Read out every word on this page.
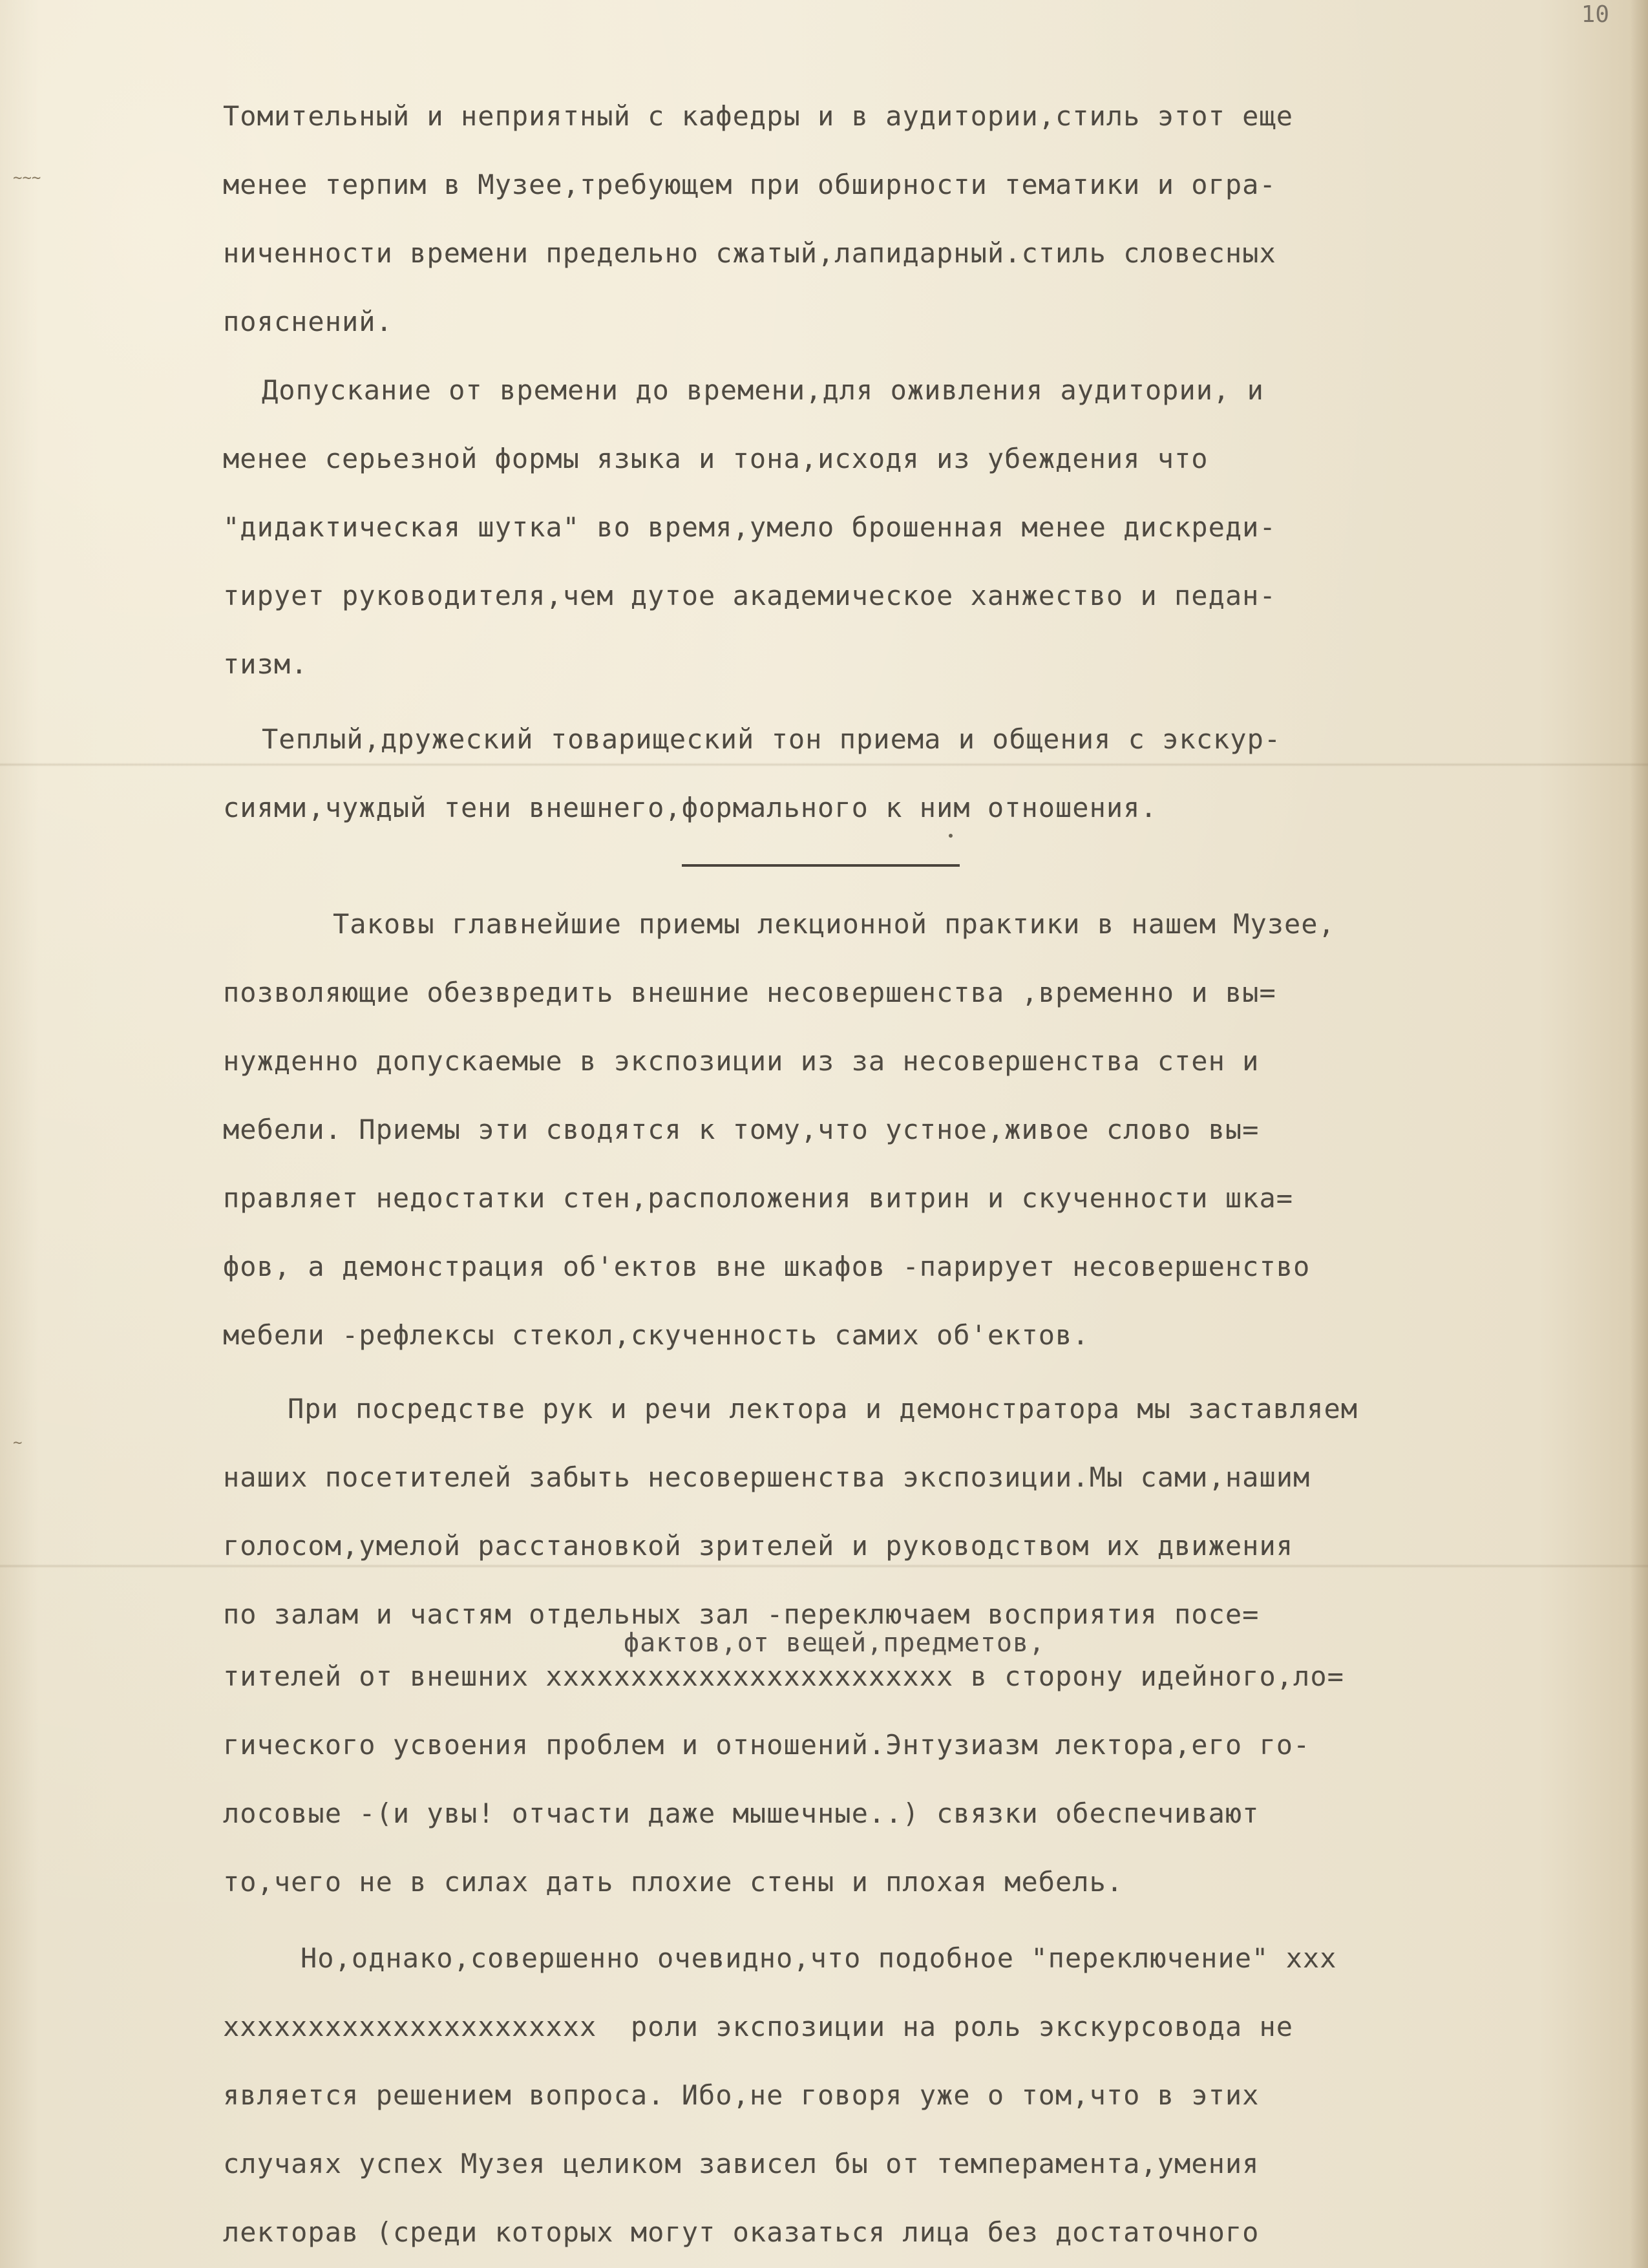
~~~
~
10
Томительный и неприятный с кафедры и в аудитории,стиль этот еще
менее терпим в Музее,требующем при обширности тематики и огра-
ниченности времени предельно сжатый,лапидарный.стиль словесных
пояснений.
Допускание от времени до времени,для оживления аудитории, и
менее серьезной формы языка и тона,исходя из убеждения что
"дидактическая шутка" во время,умело брошенная менее дискреди-
тирует руководителя,чем дутое академическое ханжество и педан-
тизм.
Теплый,дружеский товарищеский тон приема и общения с экскур-
сиями,чуждый тени внешнего,формального к ним отношения.
Таковы главнейшие приемы лекционной практики в нашем Музее,
позволяющие обезвредить внешние несовершенства ,временно и вы=
нужденно допускаемые в экспозиции из за несовершенства стен и
мебели. Приемы эти сводятся к тому,что устное,живое слово вы=
правляет недостатки стен,расположения витрин и скученности шка=
фов, а демонстрация об'ектов вне шкафов -парирует несовершенство
мебели -рефлексы стекол,скученность самих об'ектов.
При посредстве рук и речи лектора и демонстратора мы заставляем
наших посетителей забыть несовершенства экспозиции.Мы сами,нашим
голосом,умелой расстановкой зрителей и руководством их движения
по залам и частям отдельных зал -переключаем восприятия посе=
фактов,от вещей,предметов,
тителей от внешних xxxxxxxxxxxxxxxxxxxxxxxx в сторону идейного,ло=
гического усвоения проблем и отношений.Энтузиазм лектора,его го-
лосовые -(и увы! отчасти даже мышечные..) связки обеспечивают
то,чего не в силах дать плохие стены и плохая мебель.
Но,однако,совершенно очевидно,что подобное "переключение" xxx
xxxxxxxxxxxxxxxxxxxxxx  роли экспозиции на роль экскурсовода не
является решением вопроса. Ибо,не говоря уже о том,что в этих
случаях успех Музея целиком зависел бы от темперамента,умения
лекторав (среди которых могут оказаться лица без достаточного
